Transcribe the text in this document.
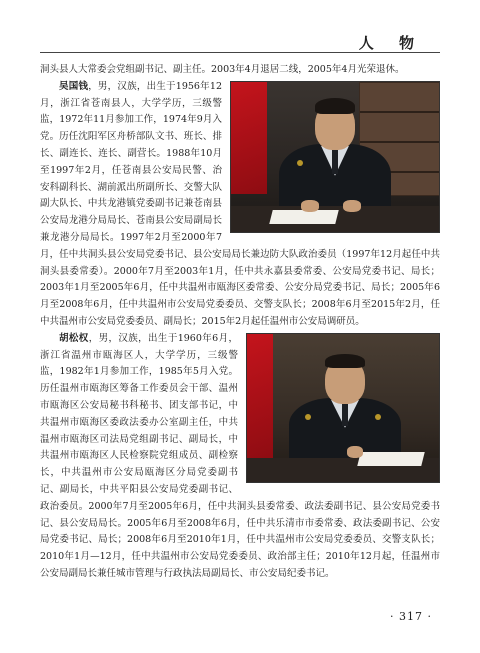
人 物

洞头县人大常委会党组副书记、副主任。2003年4月退居二线，2005年4月光荣退休。

吴国钱，男，汉族，出生于1956年12月，浙江省苍南县人，大学学历，三级警监，1972年11月参加工作，1974年9月入党。历任沈阳军区舟桥部队文书、班长、排长、副连长、连长、副营长。1988年10月至1997年2月，任苍南县公安局民警、治安科副科长、湖前派出所副所长、交警大队副大队长、中共龙港镇党委副书记兼苍南县公安局龙港分局局长、苍南县公安局副局长兼龙港分局局长。1997年2月至2000年7月，任中共洞头县公安局党委书记、县公安局局长兼边防大队政治委员（1997年12月起任中共洞头县委常委）。2000年7月至2003年1月，任中共永嘉县委常委、公安局党委书记、局长；2003年1月至2005年6月，任中共温州市瓯海区委常委、公安分局党委书记、局长；2005年6月至2008年6月，任中共温州市公安局党委委员、交警支队长；2008年6月至2015年2月，任中共温州市公安局党委委员、副局长；2015年2月起任温州市公安局调研员。

胡松权，男，汉族，出生于1960年6月，浙江省温州市瓯海区人，大学学历，三级警监，1982年1月参加工作，1985年5月入党。历任温州市瓯海区筹备工作委员会干部、温州市瓯海区公安局秘书科秘书、团支部书记，中共温州市瓯海区委政法委办公室副主任，中共温州市瓯海区司法局党组副书记、副局长，中共温州市瓯海区人民检察院党组成员、副检察长，中共温州市公安局瓯海区分局党委副书记、副局长，中共平阳县公安局党委副书记、政治委员。2000年7月至2005年6月，任中共洞头县委常委、政法委副书记、县公安局党委书记、县公安局局长。2005年6月至2008年6月，任中共乐清市市委常委、政法委副书记、公安局党委书记、局长；2008年6月至2010年1月，任中共温州市公安局党委委员、交警支队长；2010年1月—12月，任中共温州市公安局党委委员、政治部主任；2010年12月起，任温州市公安局副局长兼任城市管理与行政执法局副局长、市公安局纪委书记。

· 317 ·
